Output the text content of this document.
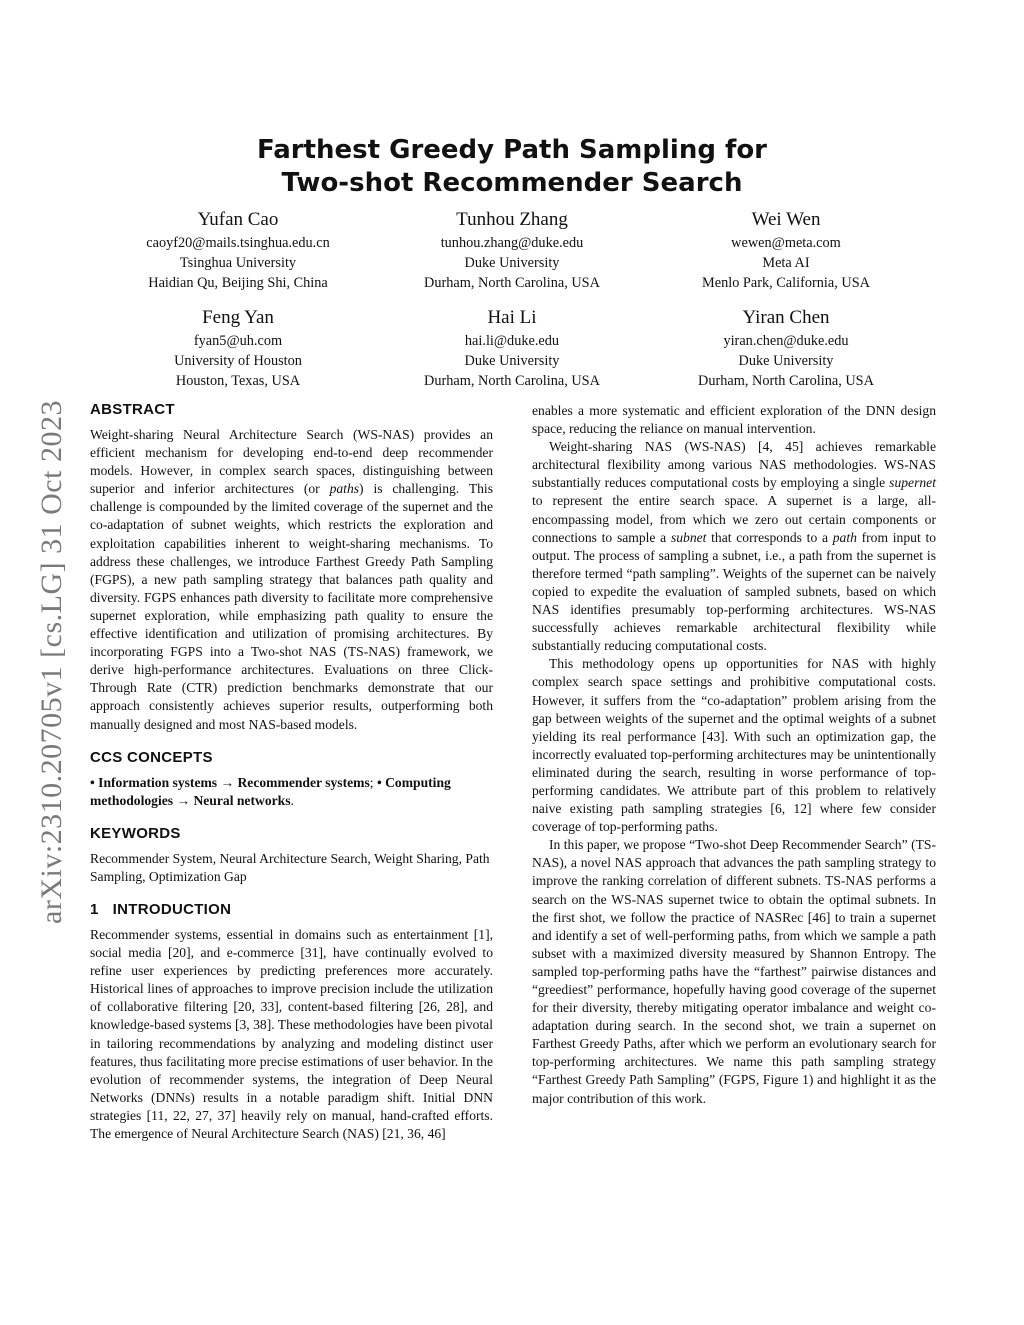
arXiv:2310.20705v1 [cs.LG] 31 Oct 2023
Farthest Greedy Path Sampling for
Two-shot Recommender Search
Yufan Cao
caoyf20@mails.tsinghua.edu.cn
Tsinghua University
Haidian Qu, Beijing Shi, China
Tunhou Zhang
tunhou.zhang@duke.edu
Duke University
Durham, North Carolina, USA
Wei Wen
wewen@meta.com
Meta AI
Menlo Park, California, USA
Feng Yan
fyan5@uh.com
University of Houston
Houston, Texas, USA
Hai Li
hai.li@duke.edu
Duke University
Durham, North Carolina, USA
Yiran Chen
yiran.chen@duke.edu
Duke University
Durham, North Carolina, USA
ABSTRACT

Weight-sharing Neural Architecture Search (WS-NAS) provides an efficient mechanism for developing end-to-end deep recommender models. However, in complex search spaces, distinguishing between superior and inferior architectures (or paths) is challenging. This challenge is compounded by the limited coverage of the supernet and the co-adaptation of subnet weights, which restricts the exploration and exploitation capabilities inherent to weight-sharing mechanisms. To address these challenges, we introduce Farthest Greedy Path Sampling (FGPS), a new path sampling strategy that balances path quality and diversity. FGPS enhances path diversity to facilitate more comprehensive supernet exploration, while emphasizing path quality to ensure the effective identification and utilization of promising architectures. By incorporating FGPS into a Two-shot NAS (TS-NAS) framework, we derive high-performance architectures. Evaluations on three Click-Through Rate (CTR) prediction benchmarks demonstrate that our approach consistently achieves superior results, outperforming both manually designed and most NAS-based models.

CCS CONCEPTS

• Information systems → Recommender systems; • Computing methodologies → Neural networks.

KEYWORDS

Recommender System, Neural Architecture Search, Weight Sharing, Path Sampling, Optimization Gap

1 INTRODUCTION

Recommender systems, essential in domains such as entertainment [1], social media [20], and e-commerce [31], have continually evolved to refine user experiences by predicting preferences more accurately. Historical lines of approaches to improve precision include the utilization of collaborative filtering [20, 33], content-based filtering [26, 28], and knowledge-based systems [3, 38]. These methodologies have been pivotal in tailoring recommendations by analyzing and modeling distinct user features, thus facilitating more precise estimations of user behavior. In the evolution of recommender systems, the integration of Deep Neural Networks (DNNs) results in a notable paradigm shift. Initial DNN strategies [11, 22, 27, 37] heavily rely on manual, hand-crafted efforts. The emergence of Neural Architecture Search (NAS) [21, 36, 46]

enables a more systematic and efficient exploration of the DNN design space, reducing the reliance on manual intervention.

Weight-sharing NAS (WS-NAS) [4, 45] achieves remarkable architectural flexibility among various NAS methodologies. WS-NAS substantially reduces computational costs by employing a single supernet to represent the entire search space. A supernet is a large, all-encompassing model, from which we zero out certain components or connections to sample a subnet that corresponds to a path from input to output. The process of sampling a subnet, i.e., a path from the supernet is therefore termed “path sampling”. Weights of the supernet can be naively copied to expedite the evaluation of sampled subnets, based on which NAS identifies presumably top-performing architectures. WS-NAS successfully achieves remarkable architectural flexibility while substantially reducing computational costs.

This methodology opens up opportunities for NAS with highly complex search space settings and prohibitive computational costs. However, it suffers from the “co-adaptation” problem arising from the gap between weights of the supernet and the optimal weights of a subnet yielding its real performance [43]. With such an optimization gap, the incorrectly evaluated top-performing architectures may be unintentionally eliminated during the search, resulting in worse performance of top-performing candidates. We attribute part of this problem to relatively naive existing path sampling strategies [6, 12] where few consider coverage of top-performing paths.

In this paper, we propose “Two-shot Deep Recommender Search” (TS-NAS), a novel NAS approach that advances the path sampling strategy to improve the ranking correlation of different subnets. TS-NAS performs a search on the WS-NAS supernet twice to obtain the optimal subnets. In the first shot, we follow the practice of NASRec [46] to train a supernet and identify a set of well-performing paths, from which we sample a path subset with a maximized diversity measured by Shannon Entropy. The sampled top-performing paths have the “farthest” pairwise distances and “greediest” performance, hopefully having good coverage of the supernet for their diversity, thereby mitigating operator imbalance and weight co-adaptation during search. In the second shot, we train a supernet on Farthest Greedy Paths, after which we perform an evolutionary search for top-performing architectures. We name this path sampling strategy “Farthest Greedy Path Sampling” (FGPS, Figure 1) and highlight it as the major contribution of this work.
